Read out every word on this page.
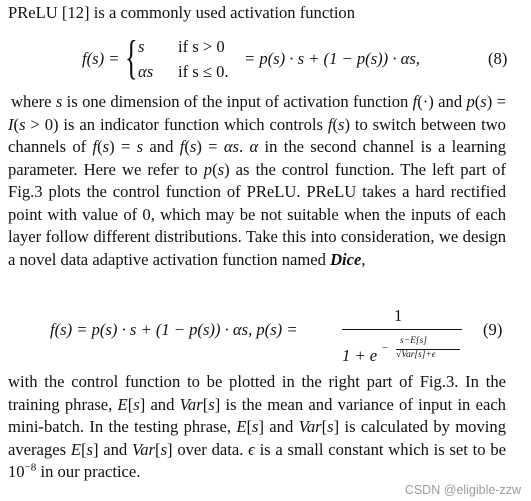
PReLU [12] is a commonly used activation function

f(s) = { s if s > 0
αs if s ≤ 0.
= p(s) · s + (1 − p(s)) · αs,	(8)

where s is one dimension of the input of activation function f(·) and p(s) = I(s > 0) is an indicator function which controls f(s) to switch between two channels of f(s) = s and f(s) = αs. α in the second channel is a learning parameter. Here we refer to p(s) as the control function. The left part of Fig.3 plots the control function of PReLU. PReLU takes a hard rectified point with value of 0, which may be not suitable when the inputs of each layer follow different distributions. Take this into consideration, we design a novel data adaptive activation function named Dice,

f(s) = p(s) · s + (1 − p(s)) · αs, p(s) =
1
1 + e −
s−E[s]
√Var[s]+ϵ
(9)

with the control function to be plotted in the right part of Fig.3. In the training phrase, E[s] and Var[s] is the mean and variance of input in each mini-batch. In the testing phrase, E[s] and Var[s] is calculated by moving averages E[s] and Var[s] over data. ϵ is a small constant which is set to be $10^{-8}$ in our practice.

CSDN @eligible-zzw
